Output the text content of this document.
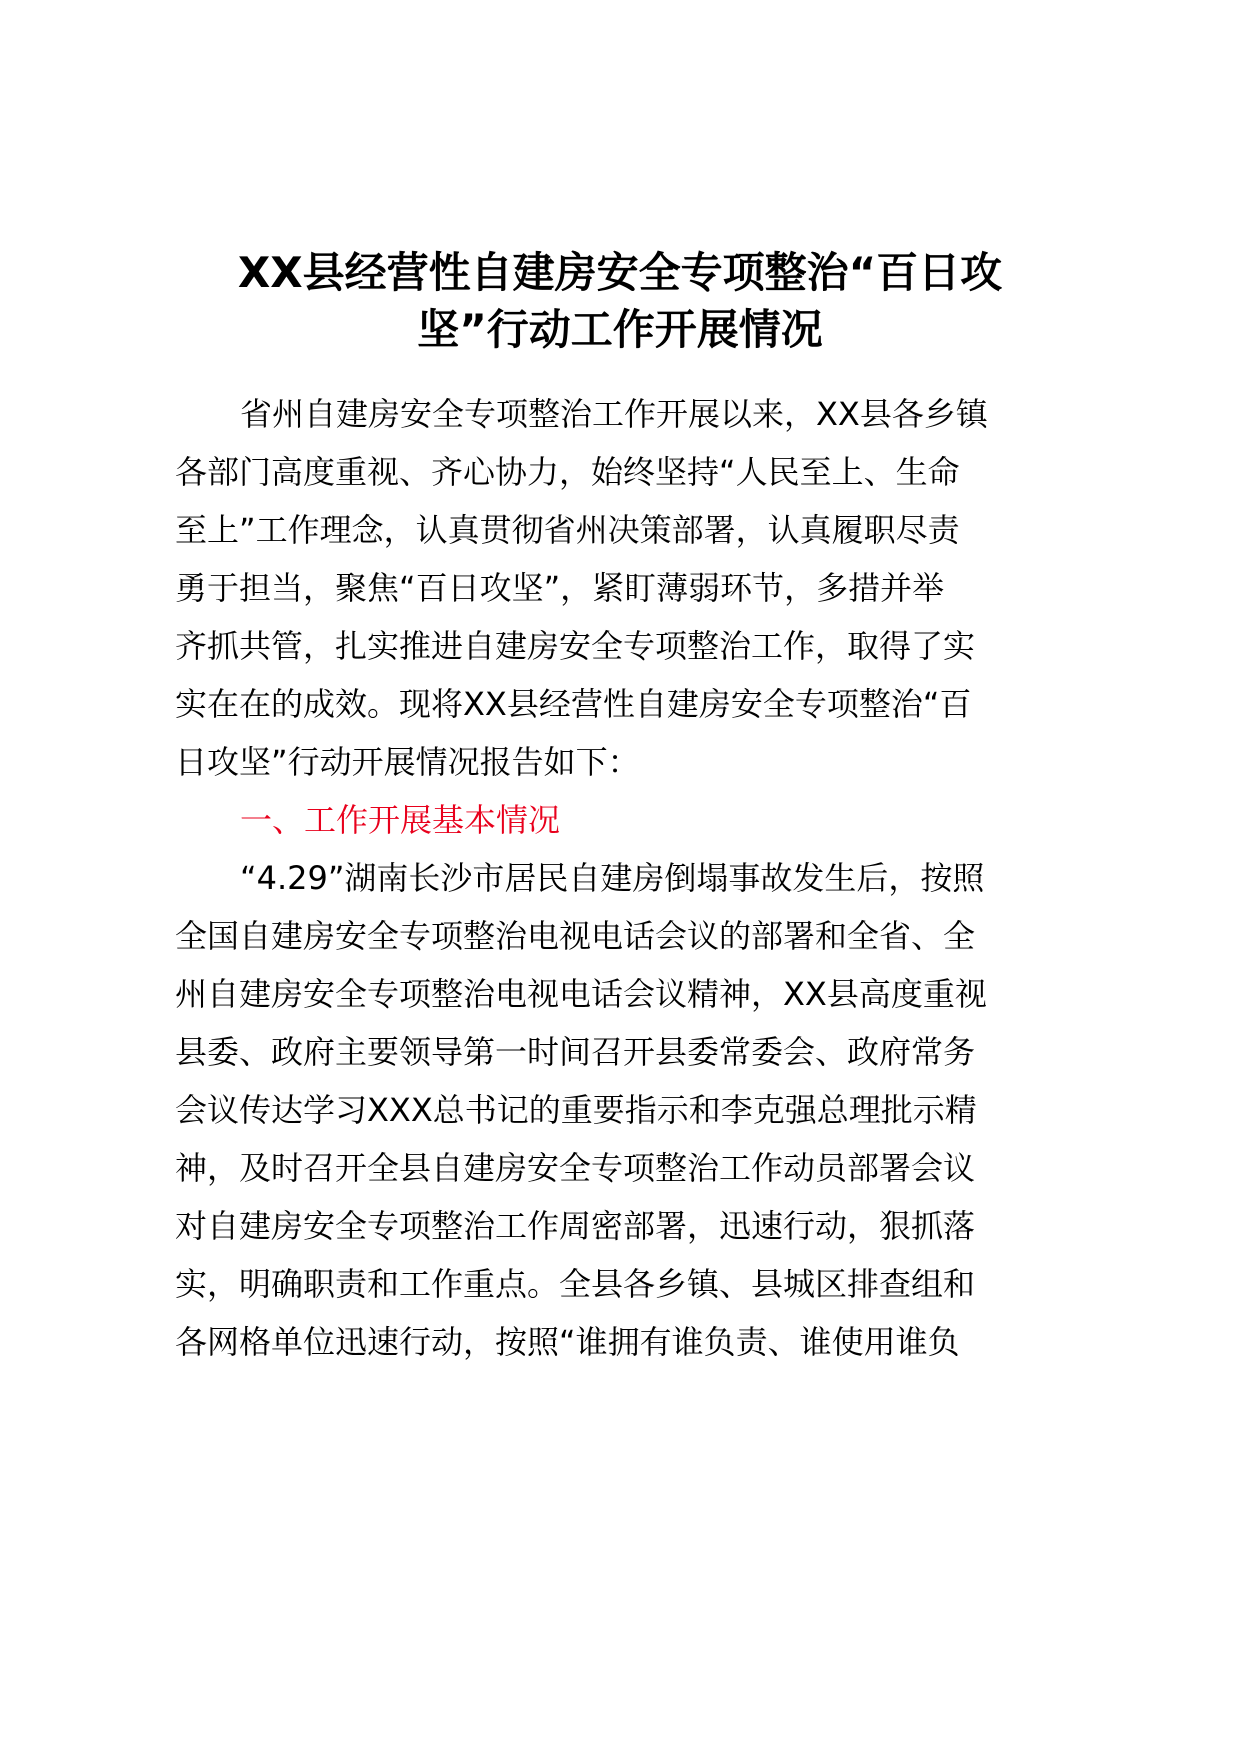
XX县经营性自建房安全专项整治“百日攻
坚”行动工作开展情况
省州自建房安全专项整治工作开展以来，XX县各乡镇
各部门高度重视、齐心协力，始终坚持“人民至上、生命
至上”工作理念，认真贯彻省州决策部署，认真履职尽责
勇于担当，聚焦“百日攻坚”，紧盯薄弱环节，多措并举
齐抓共管，扎实推进自建房安全专项整治工作，取得了实
实在在的成效。现将XX县经营性自建房安全专项整治“百
日攻坚”行动开展情况报告如下：
一、工作开展基本情况
“4.29”湖南长沙市居民自建房倒塌事故发生后，按照
全国自建房安全专项整治电视电话会议的部署和全省、全
州自建房安全专项整治电视电话会议精神，XX县高度重视
县委、政府主要领导第一时间召开县委常委会、政府常务
会议传达学习XXX总书记的重要指示和李克强总理批示精
神，及时召开全县自建房安全专项整治工作动员部署会议
对自建房安全专项整治工作周密部署，迅速行动，狠抓落
实，明确职责和工作重点。全县各乡镇、县城区排查组和
各网格单位迅速行动，按照“谁拥有谁负责、谁使用谁负
